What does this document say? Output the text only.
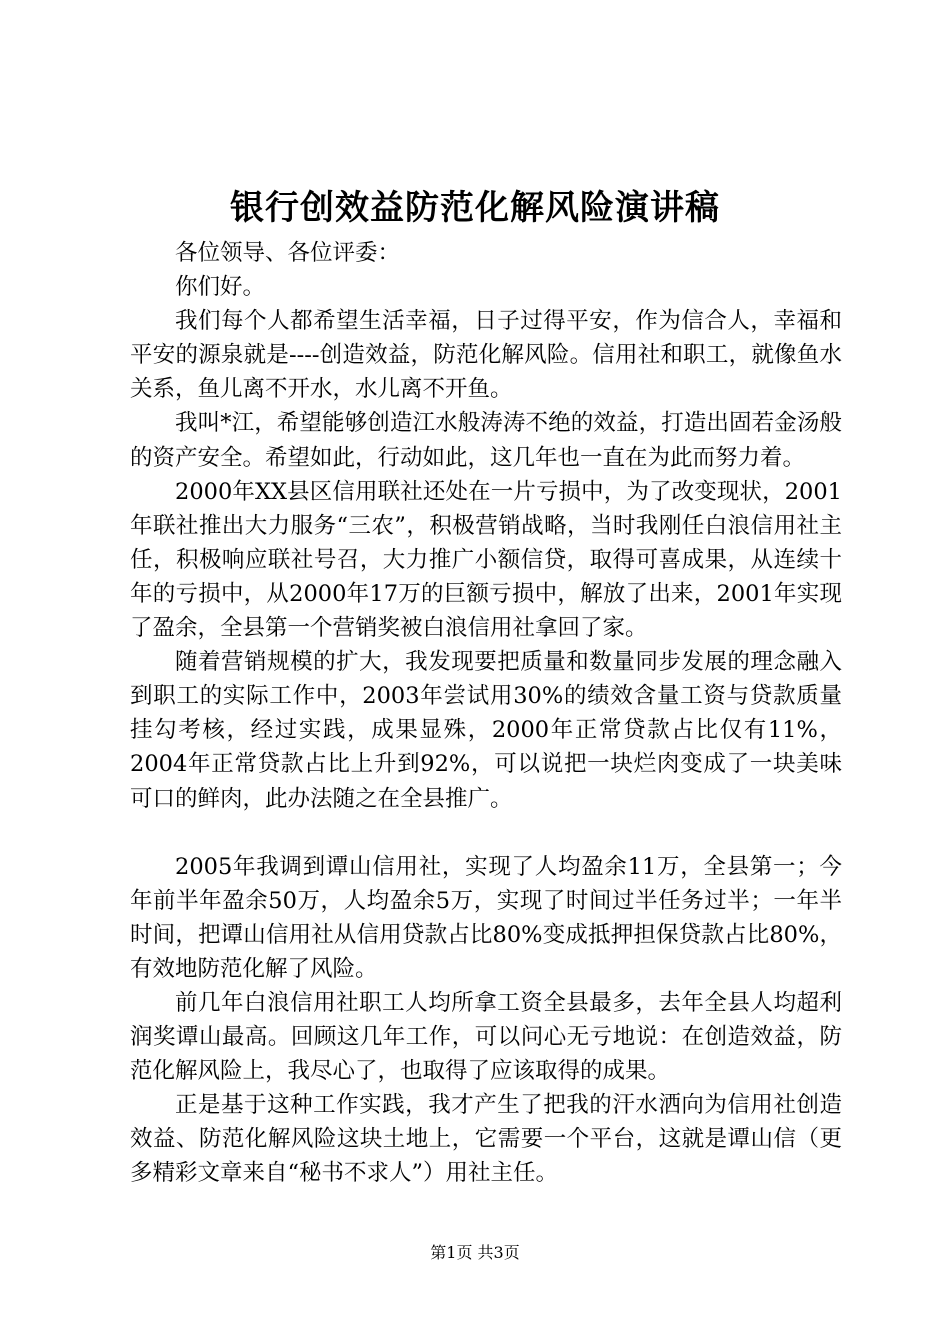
银行创效益防范化解风险演讲稿

各位领导、各位评委：

你们好。

我们每个人都希望生活幸福，日子过得平安，作为信合人，幸福和平安的源泉就是----创造效益，防范化解风险。信用社和职工，就像鱼水关系，鱼儿离不开水，水儿离不开鱼。

我叫*江，希望能够创造江水般涛涛不绝的效益，打造出固若金汤般的资产安全。希望如此，行动如此，这几年也一直在为此而努力着。

2000年XX县区信用联社还处在一片亏损中，为了改变现状，2001年联社推出大力服务“三农”，积极营销战略，当时我刚任白浪信用社主任，积极响应联社号召，大力推广小额信贷，取得可喜成果，从连续十年的亏损中，从2000年17万的巨额亏损中，解放了出来，2001年实现了盈余，全县第一个营销奖被白浪信用社拿回了家。

随着营销规模的扩大，我发现要把质量和数量同步发展的理念融入到职工的实际工作中，2003年尝试用30%的绩效含量工资与贷款质量挂勾考核，经过实践，成果显殊，2000年正常贷款占比仅有11%，2004年正常贷款占比上升到92%，可以说把一块烂肉变成了一块美味可口的鲜肉，此办法随之在全县推广。

2005年我调到谭山信用社，实现了人均盈余11万，全县第一；今年前半年盈余50万，人均盈余5万，实现了时间过半任务过半；一年半时间，把谭山信用社从信用贷款占比80%变成抵押担保贷款占比80%，有效地防范化解了风险。

前几年白浪信用社职工人均所拿工资全县最多，去年全县人均超利润奖谭山最高。回顾这几年工作，可以问心无亏地说：在创造效益，防范化解风险上，我尽心了，也取得了应该取得的成果。

正是基于这种工作实践，我才产生了把我的汗水洒向为信用社创造效益、防范化解风险这块土地上，它需要一个平台，这就是谭山信（更多精彩文章来自“秘书不求人”）用社主任。

第1页 共3页
